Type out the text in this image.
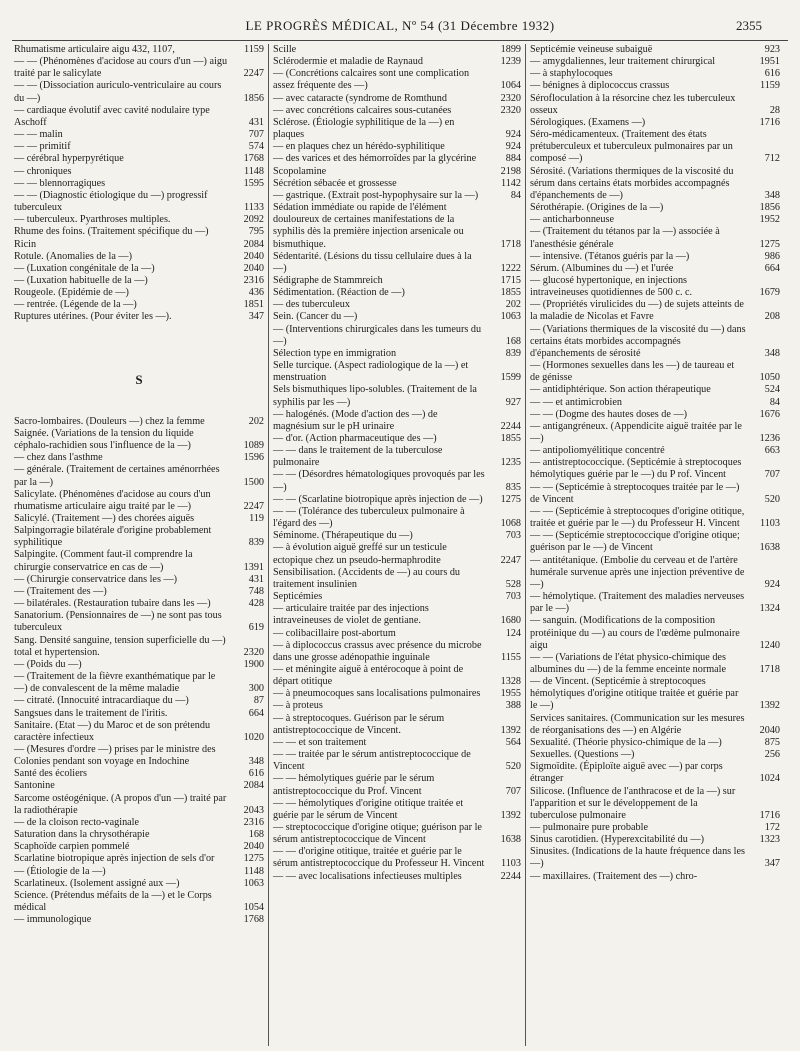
LE PROGRÈS MÉDICAL, Nº 54 (31 Décembre 1932)	2355
Rhumatisme articulaire aigu 432, 1107,	1159
— — (Phénomènes d'acidose au cours d'un —) aigu traité par le salicylate	2247
— — (Dissociation auriculo-ventriculaire au cours du —)	1856
— cardiaque évolutif avec cavité nodulaire type Aschoff	431
— — malin	707
— — primitif	574
— cérébral hyperpyrétique	1768
— chroniques	1148
— — blennorragiques	1595
— — (Diagnostic étiologique du —) progressif tuberculeux	1133
— tuberculeux. Pyarthroses multiples.	2092
Rhume des foins. (Traitement spécifique du —)	795
Ricin	2084
Rotule. (Anomalies de la —)	2040
— (Luxation congénitale de la —)	2040
— (Luxation habituelle de la —)	2316
Rougeole. (Epidémie de —)	436
— rentrée. (Légende de la —)	1851
Ruptures utérines. (Pour éviter les —).	347
S
Sacro-lombaires. (Douleurs —) chez la femme	202
Saignée. (Variations de la tension du liquide céphalo-rachidien sous l'influence de la —)	1089
— chez dans l'asthme	1596
— générale. (Traitement de certaines aménorrhées par la —)	1500
Salicylate. (Phénomènes d'acidose au cours d'un rhumatisme articulaire aigu traité par le —)	2247
Salicylé. (Traitement —) des chorées aiguës	119
Salpingorragie bilatérale d'origine probablement syphilitique	839
Salpingite. (Comment faut-il comprendre la chirurgie conservatrice en cas de —)	1391
— (Chirurgie conservatrice dans les —)	431
— (Traitement des —)	748
— bilatérales. (Restauration tubaire dans les —)	428
Sanatorium. (Pensionnaires de —) ne sont pas tous tuberculeux	619
Sang. Densité sanguine, tension superficielle du —) total et hypertension.	2320
— (Poids du —)	1900
— (Traitement de la fièvre exanthématique par le —) de convalescent de la même maladie	300
— citraté. (Innocuité intracardiaque du —)	87
Sangsues dans le traitement de l'iritis.	664
Sanitaire. (Etat —) du Maroc et de son prétendu caractère infectieux	1020
— (Mesures d'ordre —) prises par le ministre des Colonies pendant son voyage en Indochine	348
Santé des écoliers	616
Santonine	2084
Sarcome ostéogénique. (A propos d'un —) traité par la radiothérapie	2043
— de la cloison recto-vaginale	2316
Saturation dans la chrysothérapie	168
Scaphoïde carpien pommelé	2040
Scarlatine biotropique après injection de sels d'or	1275
— (Étiologie de la —)	1148
Scarlatineux. (Isolement assigné aux —)	1063
Science. (Prétendus méfaits de la —) et le Corps médical	1054
— immunologique	1768
Scille	1899
Sclérodermie et maladie de Raynaud	1239
— (Concrétions calcaires sont une complication assez fréquente des —)	1064
— avec cataracte (syndrome de Romthund	2320
— avec concrétions calcaires sous-cutanées	2320
Sclérose. (Étiologie syphilitique de la —) en plaques	924
— en plaques chez un hérédo-syphilitique	924
— des varices et des hémorroïdes par la glycérine	884
Scopolamine	2198
Sécrétion sébacée et grossesse	1142
— gastrique. (Extrait post-hypophysaire sur la —)	84
Sédation immédiate ou rapide de l'élément douloureux de certaines manifestations de la syphilis dès la première injection arsenicale ou bismuthique.	1718
Sédentarité. (Lésions du tissu cellulaire dues à la —)	1222
Sédigraphe de Stammreich	1715
Sédimentation. (Réaction de —)	1855
— des tuberculeux	202
Sein. (Cancer du —)	1063
— (Interventions chirurgicales dans les tumeurs du —)	168
Sélection type en immigration	839
Selle turcique. (Aspect radiologique de la —) et menstruation	1599
Sels bismuthiques lipo-solubles. (Traitement de la syphilis par les —)	927
— halogénés. (Mode d'action des —) de magnésium sur le pH urinaire	2244
— d'or. (Action pharmaceutique des —)	1855
— — dans le traitement de la tuberculose pulmonaire	1235
— — (Désordres hématologiques provoqués par les —)	835
— — (Scarlatine biotropique après injection de —)	1275
— — (Tolérance des tuberculeux pulmonaire à l'égard des —)	1068
Séminome. (Thérapeutique du —)	703
— à évolution aiguë greffé sur un testicule ectopique chez un pseudo-hermaphrodite	2247
Sensibilisation. (Accidents de —) au cours du traitement insulinien	528
Septicémies	703
— articulaire traitée par des injections intraveineuses de violet de gentiane.	1680
— colibacillaire post-abortum	124
— à diplococcus crassus avec présence du microbe dans une grosse adénopathie inguinale	1155
— et méningite aiguë à entérocoque à point de départ otitique	1328
— à pneumocoques sans localisations pulmonaires	1955
— à proteus	388
— à streptocoques. Guérison par le sérum antistreptococcique de Vincent.	1392
— — et son traitement	564
— — traitée par le sérum antistreptococcique de Vincent	520
— — hémolytiques guérie par le sérum antistreptococcique du Prof. Vincent	707
— — hémolytiques d'origine otitique traitée et guérie par le sérum de Vincent	1392
— streptococcique d'origine otique; guérison par le sérum antistreptococcique de Vincent	1638
— — d'origine otitique, traitée et guérie par le sérum antistreptococcique du Professeur H. Vincent	1103
— — avec localisations infectieuses multiples	2244
Septicémie veineuse subaiguë	923
— amygdaliennes, leur traitement chirurgical	1951
— à staphylocoques	616
— bénignes à diplococcus crassus	1159
Sérofloculation à la résorcine chez les tuberculeux osseux	28
Sérologiques. (Examens —)	1716
Séro-médicamenteux. (Traitement des états prétuberculeux et tuberculeux pulmonaires par un composé —)	712
Sérosité. (Variations thermiques de la viscosité du sérum dans certains états morbides accompagnés d'épanchements de —)	348
Sérothérapie. (Origines de la —)	1856
— anticharbonneuse	1952
— (Traitement du tétanos par la —) associée à l'anesthésie générale	1275
— intensive. (Tétanos guéris par la —)	986
Sérum. (Albumines du —) et l'urée	664
— glucosé hypertonique, en injections intraveineuses quotidiennes de 500 c. c.	1679
— (Propriétés virulicides du —) de sujets atteints de la maladie de Nicolas et Favre	208
— (Variations thermiques de la viscosité du —) dans certains états morbides accompagnés d'épanchements de sérosité	348
— (Hormones sexuelles dans les —) de taureau et de génisse	1050
— antidiphtérique. Son action thérapeutique	524
— — et antimicrobien	84
— — (Dogme des hautes doses de —)	1676
— antigangréneux. (Appendicite aiguë traitée par le —)	1236
— antipoliomyélitique concentré	663
— antistreptococcique. (Septicémie à streptocoques hémolytiques guérie par le —) du P rof. Vincent	707
— — (Septicémie à streptocoques traitée par le —) de Vincent	520
— — (Septicémie à streptocoques d'origine otitique, traitée et guérie par le —) du Professeur H. Vincent	1103
— — (Septicémie streptococcique d'origine otique; guérison par le —) de Vincent	1638
— antitétanique. (Embolie du cerveau et de l'artère humérale survenue après une injection préventive de —)	924
— hémolytique. (Traitement des maladies nerveuses par le —)	1324
— sanguin. (Modifications de la composition protéinique du —) au cours de l'œdème pulmonaire aigu	1240
— — (Variations de l'état physico-chimique des albumines du —) de la femme enceinte normale	1718
— de Vincent. (Septicémie à streptocoques hémolytiques d'origine otitique traitée et guérie par le —)	1392
Services sanitaires. (Communication sur les mesures de réorganisations des —) en Algérie	2040
Sexualité. (Théorie physico-chimique de la —)	875
Sexuelles. (Questions —)	256
Sigmoïdite. (Épiploïte aiguë avec —) par corps étranger	1024
Silicose. (Influence de l'anthracose et de la —) sur l'apparition et sur le développement de la tuberculose pulmonaire	1716
— pulmonaire pure probable	172
Sinus carotidien. (Hyperexcitabilité du —)	1323
Sinusites. (Indications de la haute fréquence dans les —)	347
— maxillaires. (Traitement des —) chro-
